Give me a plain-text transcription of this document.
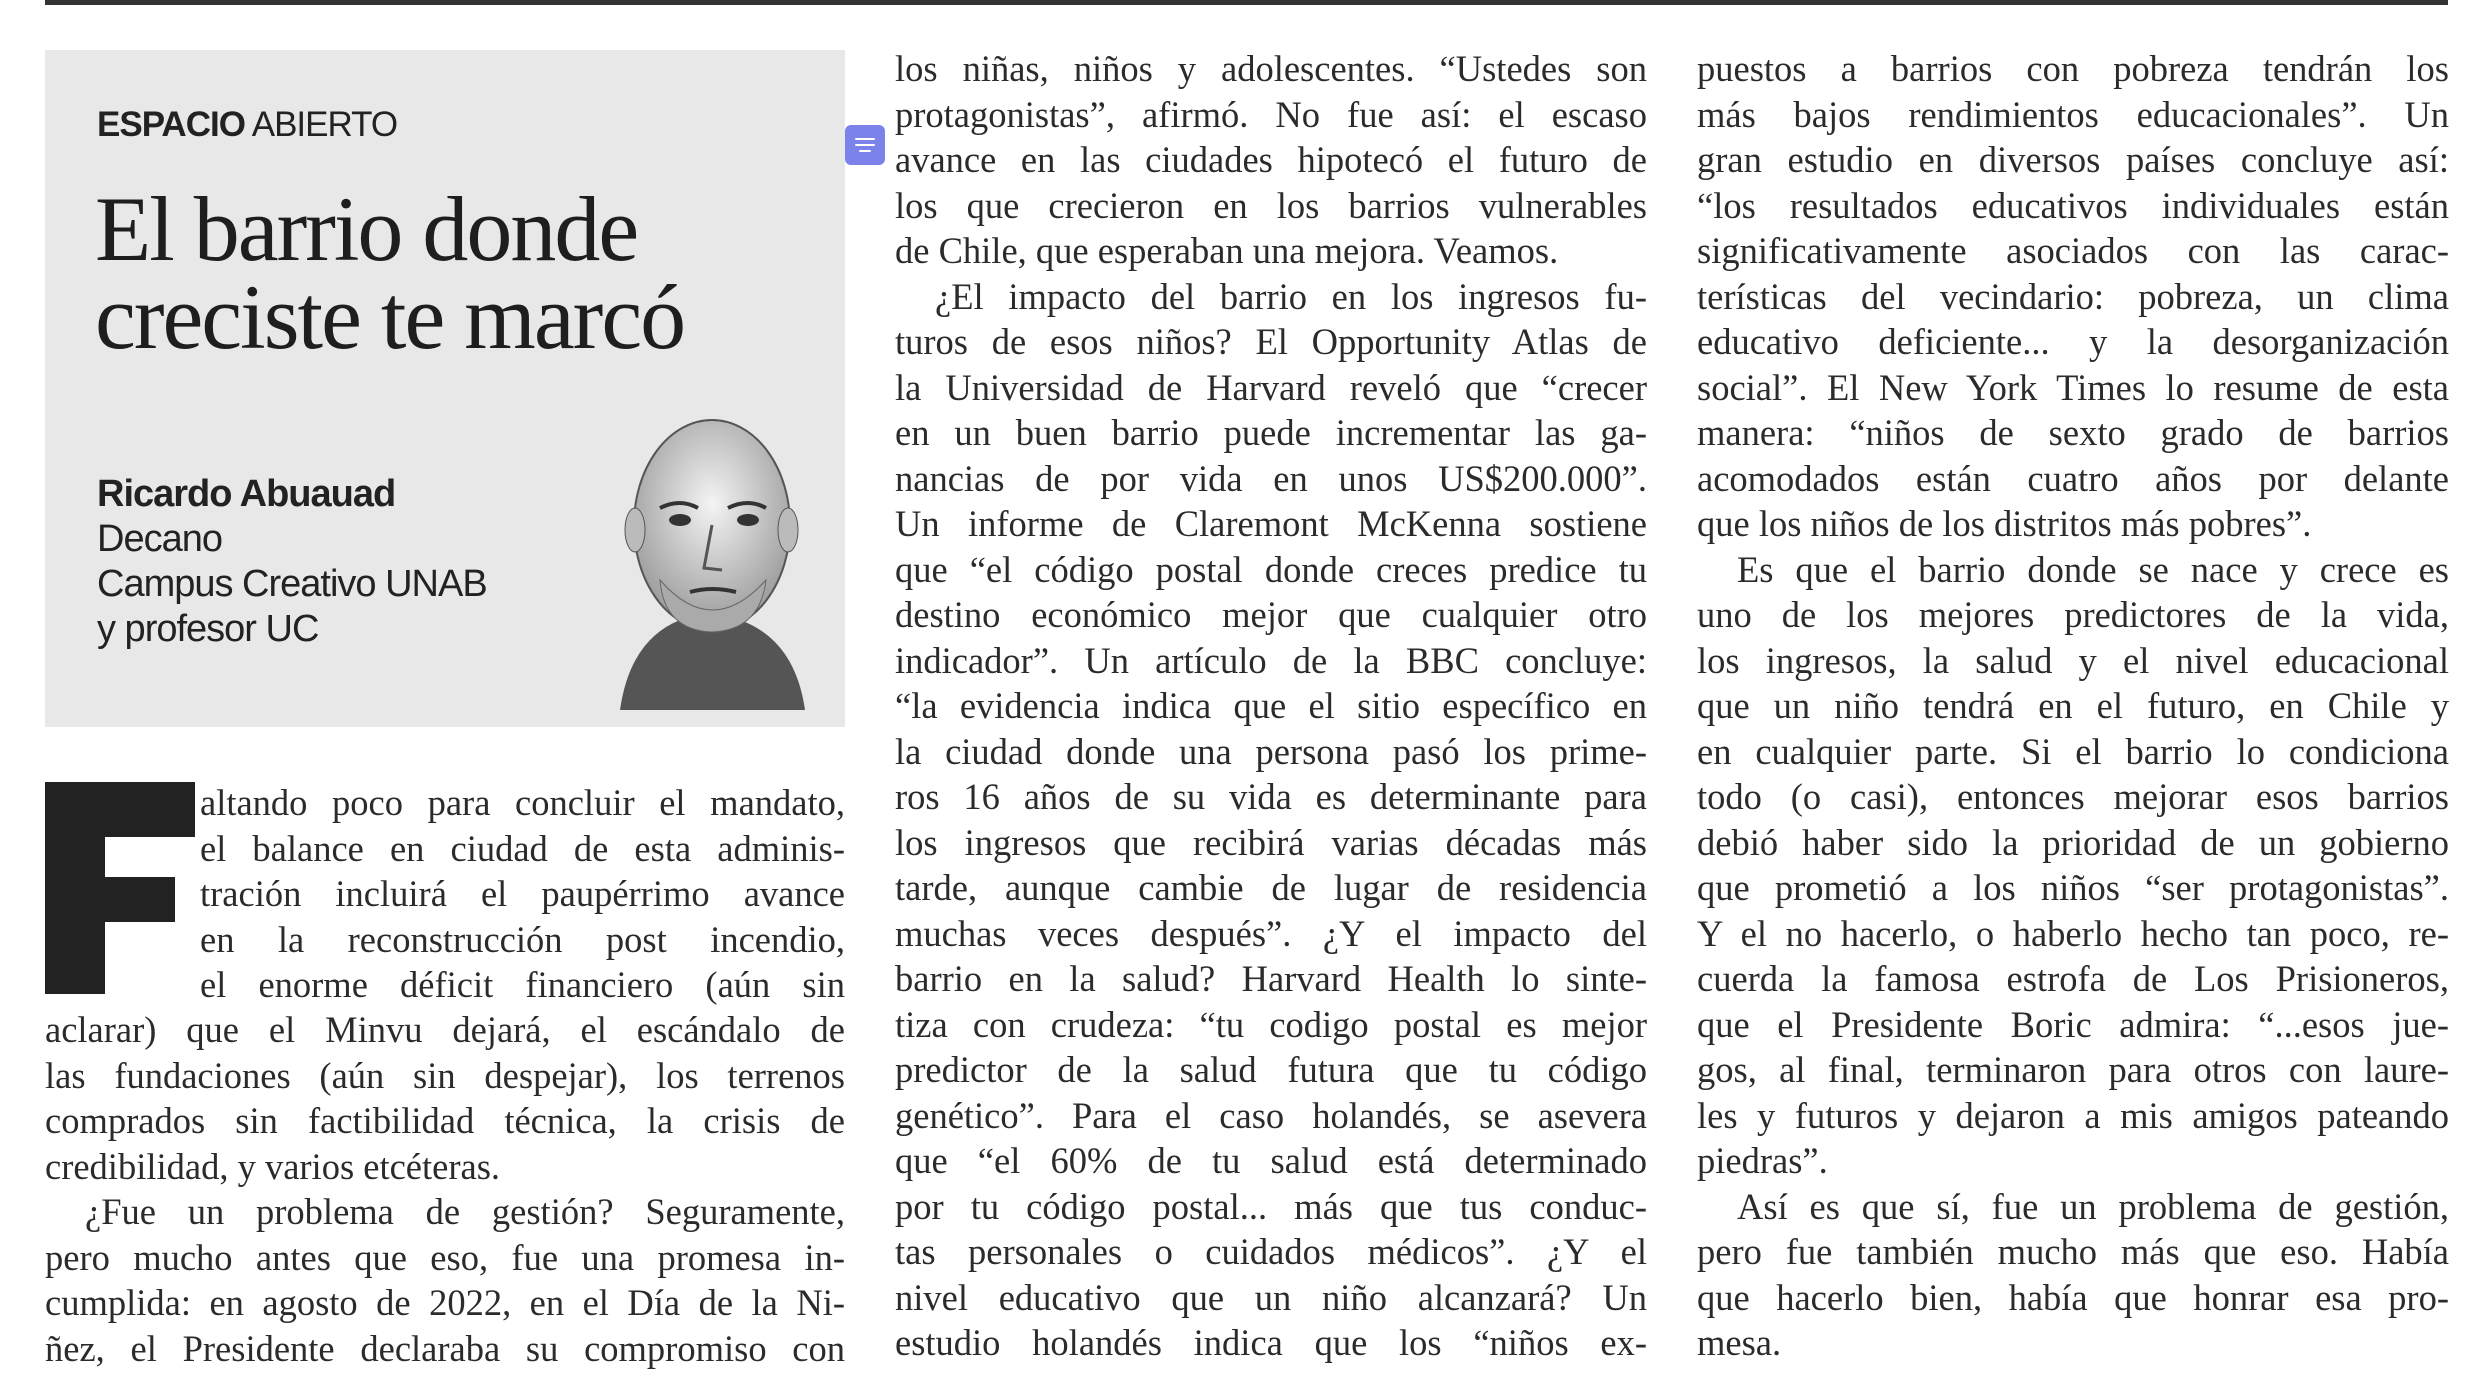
ESPACIO ABIERTO
El barrio donde
creciste te marcó
Ricardo Abuauad
Decano
Campus Creativo UNAB
y profesor UC
altando poco para concluir el mandato,
el balance en ciudad de esta adminis-
tración incluirá el paupérrimo avance
en la reconstrucción post incendio,
el enorme déficit financiero (aún sin
aclarar) que el Minvu dejará, el escándalo de
las fundaciones (aún sin despejar), los terrenos
comprados sin factibilidad técnica, la crisis de
credibilidad, y varios etcéteras.
¿Fue un problema de gestión? Seguramente,
pero mucho antes que eso, fue una promesa in-
cumplida: en agosto de 2022, en el Día de la Ni-
ñez, el Presidente declaraba su compromiso con
los niñas, niños y adolescentes. “Ustedes son
protagonistas”, afirmó. No fue así: el escaso
avance en las ciudades hipotecó el futuro de
los que crecieron en los barrios vulnerables
de Chile, que esperaban una mejora. Veamos.
¿El impacto del barrio en los ingresos fu-
turos de esos niños? El Opportunity Atlas de
la Universidad de Harvard reveló que “crecer
en un buen barrio puede incrementar las ga-
nancias de por vida en unos US$200.000”.
Un informe de Claremont McKenna sostiene
que “el código postal donde creces predice tu
destino económico mejor que cualquier otro
indicador”. Un artículo de la BBC concluye:
“la evidencia indica que el sitio específico en
la ciudad donde una persona pasó los prime-
ros 16 años de su vida es determinante para
los ingresos que recibirá varias décadas más
tarde, aunque cambie de lugar de residencia
muchas veces después”. ¿Y el impacto del
barrio en la salud? Harvard Health lo sinte-
tiza con crudeza: “tu codigo postal es mejor
predictor de la salud futura que tu código
genético”. Para el caso holandés, se asevera
que “el 60% de tu salud está determinado
por tu código postal... más que tus conduc-
tas personales o cuidados médicos”. ¿Y el
nivel educativo que un niño alcanzará? Un
estudio holandés indica que los “niños ex-
puestos a barrios con pobreza tendrán los
más bajos rendimientos educacionales”. Un
gran estudio en diversos países concluye así:
“los resultados educativos individuales están
significativamente asociados con las carac-
terísticas del vecindario: pobreza, un clima
educativo deficiente... y la desorganización
social”. El New York Times lo resume de esta
manera: “niños de sexto grado de barrios
acomodados están cuatro años por delante
que los niños de los distritos más pobres”.
Es que el barrio donde se nace y crece es
uno de los mejores predictores de la vida,
los ingresos, la salud y el nivel educacional
que un niño tendrá en el futuro, en Chile y
en cualquier parte. Si el barrio lo condiciona
todo (o casi), entonces mejorar esos barrios
debió haber sido la prioridad de un gobierno
que prometió a los niños “ser protagonistas”.
Y el no hacerlo, o haberlo hecho tan poco, re-
cuerda la famosa estrofa de Los Prisioneros,
que el Presidente Boric admira: “...esos jue-
gos, al final, terminaron para otros con laure-
les y futuros y dejaron a mis amigos pateando
piedras”.
Así es que sí, fue un problema de gestión,
pero fue también mucho más que eso. Había
que hacerlo bien, había que honrar esa pro-
mesa.
